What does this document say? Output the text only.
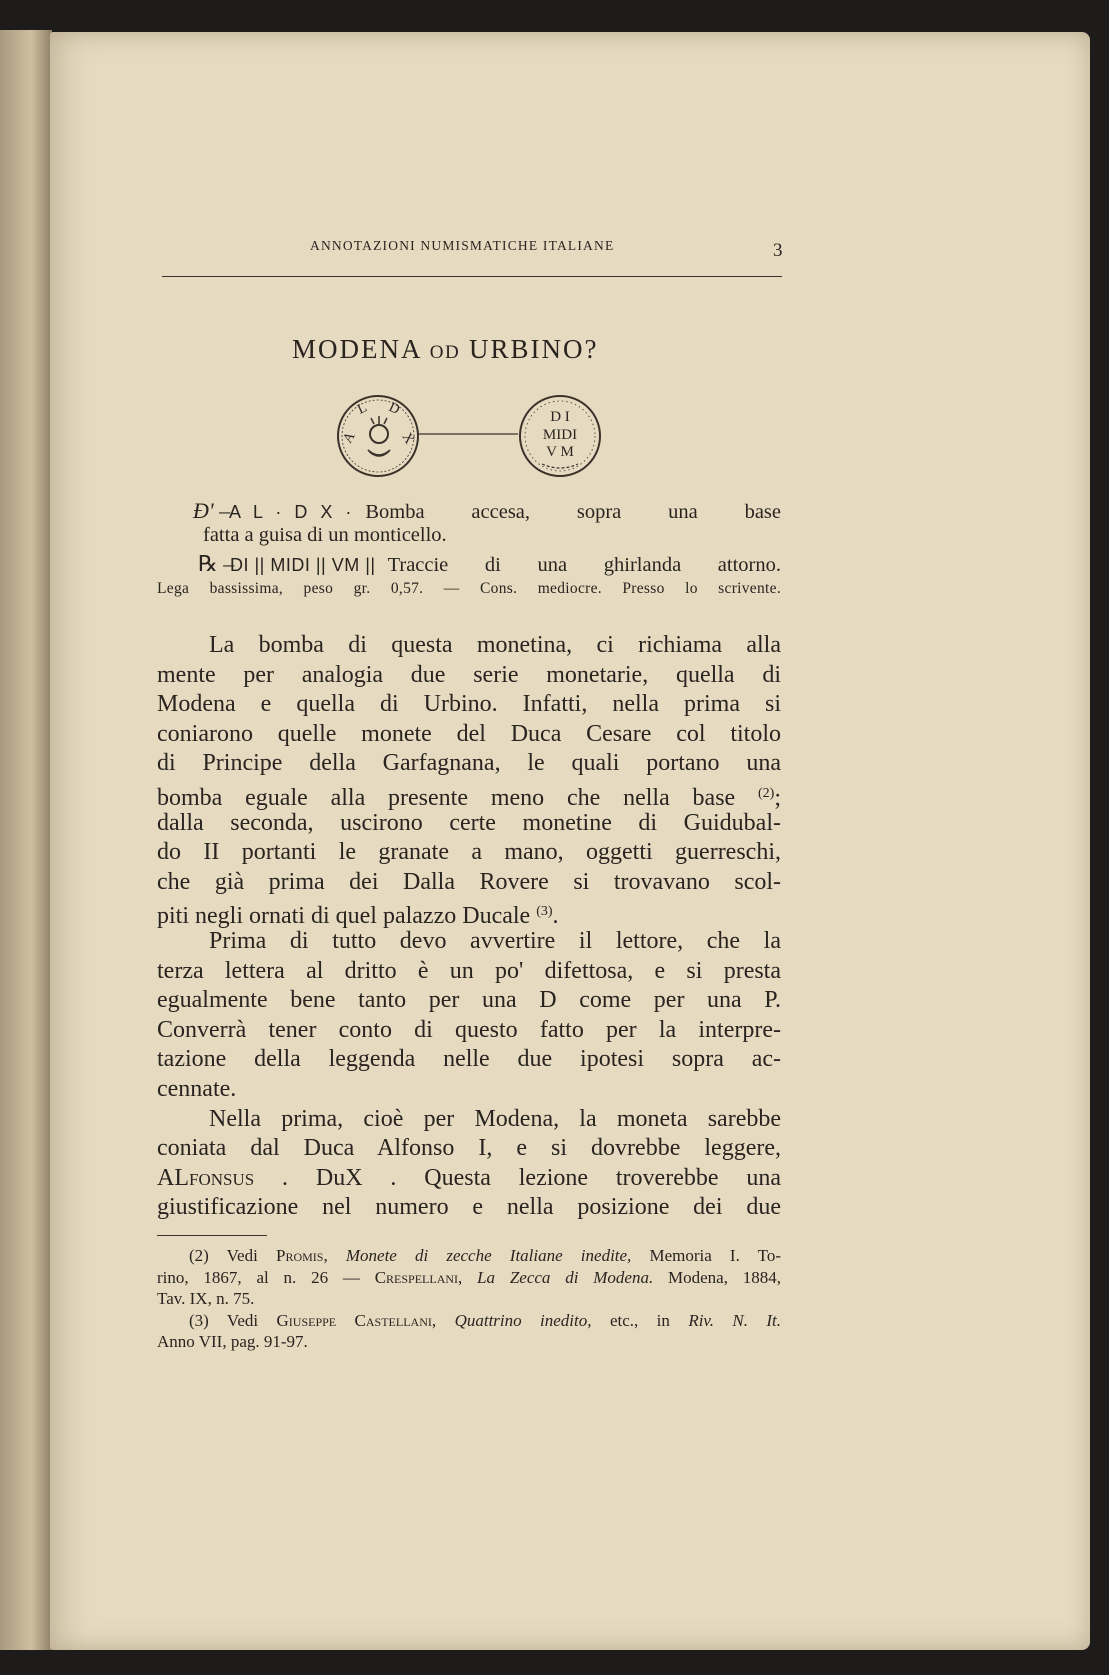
ANNOTAZIONI NUMISMATICHE ITALIANE	3
MODENA OD URBINO?
A
L D
X
D I
MIDI
V M
Ɖ' –
A L · D X · Bomba accesa, sopra una base
fatta a guisa di un monticello.
℞ –
DI || MIDI || VM || Traccie di una ghirlanda attorno.
Lega bassissima, peso gr. 0,57. — Cons. mediocre. Presso lo scrivente.
La bomba di questa monetina, ci richiama alla
mente per analogia due serie monetarie, quella di
Modena e quella di Urbino. Infatti, nella prima si
coniarono quelle monete del Duca Cesare col titolo
di Principe della Garfagnana, le quali portano una
bomba eguale alla presente meno che nella base $^{(2)}$;
dalla seconda, uscirono certe monetine di Guidubal-
do II portanti le granate a mano, oggetti guerreschi,
che già prima dei Dalla Rovere si trovavano scol-
piti negli ornati di quel palazzo Ducale $^{(3)}$.
Prima di tutto devo avvertire il lettore, che la
terza lettera al dritto è un po' difettosa, e si presta
egualmente bene tanto per una D come per una P.
Converrà tener conto di questo fatto per la interpre-
tazione della leggenda nelle due ipotesi sopra ac-
cennate.
Nella prima, cioè per Modena, la moneta sarebbe
coniata dal Duca Alfonso I, e si dovrebbe leggere,
ALfonsus . DuX . Questa lezione troverebbe una
giustificazione nel numero e nella posizione dei due
(2) Vedi Promis, Monete di zecche Italiane inedite, Memoria I. To-
rino, 1867, al n. 26 — Crespellani, La Zecca di Modena. Modena, 1884,
Tav. IX, n. 75.
(3) Vedi Giuseppe Castellani, Quattrino inedito, etc., in Riv. N. It.
Anno VII, pag. 91-97.
